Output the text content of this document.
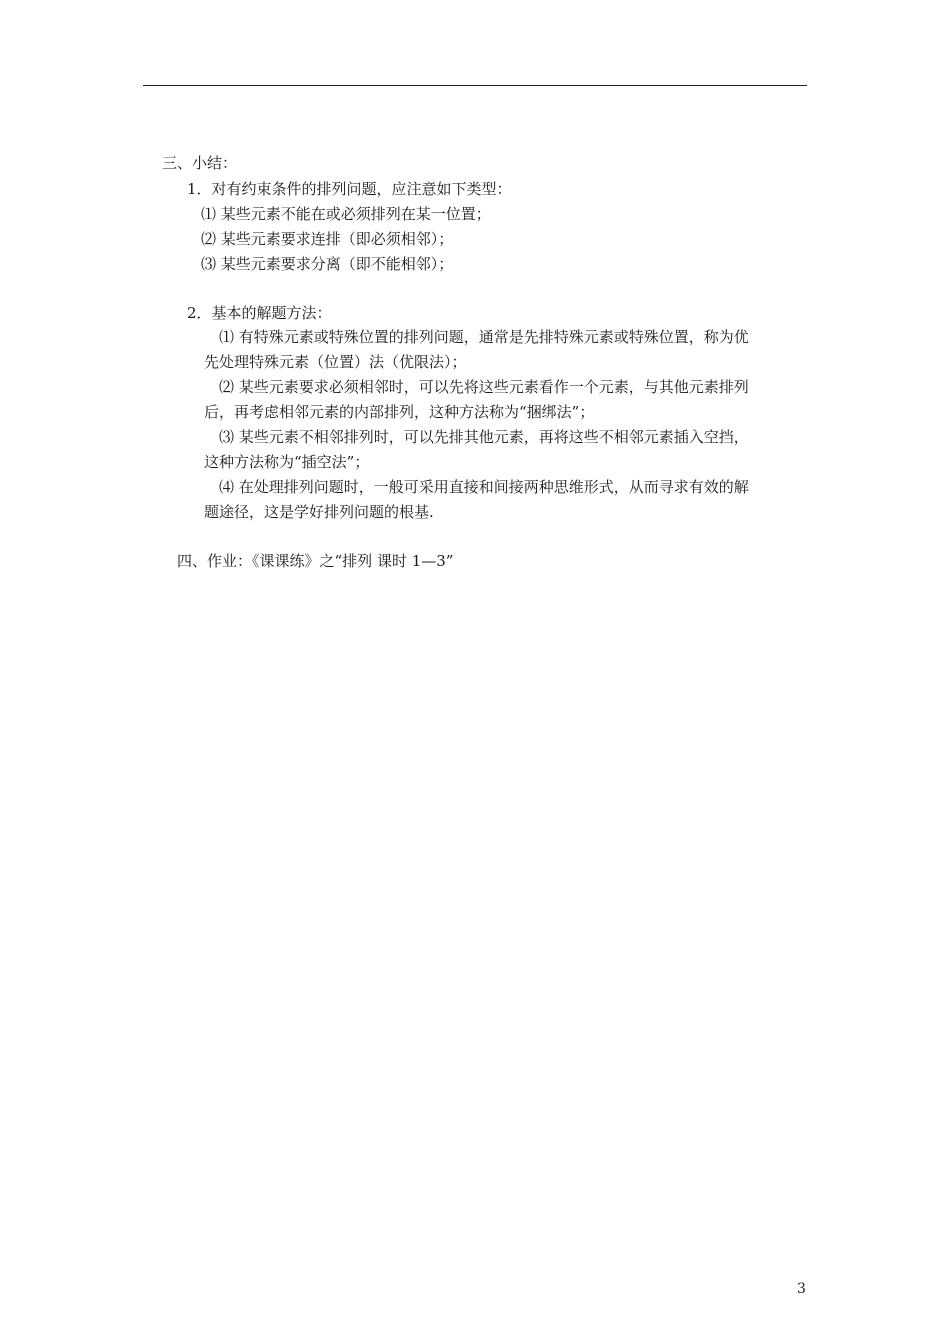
三、小结：
1．对有约束条件的排列问题，应注意如下类型：
⑴ 某些元素不能在或必须排列在某一位置；
⑵ 某些元素要求连排（即必须相邻）；
⑶ 某些元素要求分离（即不能相邻）；
2．基本的解题方法：
⑴ 有特殊元素或特殊位置的排列问题，通常是先排特殊元素或特殊位置，称为优
先处理特殊元素（位置）法（优限法）；
⑵ 某些元素要求必须相邻时，可以先将这些元素看作一个元素，与其他元素排列
后，再考虑相邻元素的内部排列，这种方法称为“捆绑法”；
⑶ 某些元素不相邻排列时，可以先排其他元素，再将这些不相邻元素插入空挡，
这种方法称为“插空法”；
⑷ 在处理排列问题时，一般可采用直接和间接两种思维形式，从而寻求有效的解
题途径，这是学好排列问题的根基.
四、作业：《课课练》之“排列 课时 1—3”
3
